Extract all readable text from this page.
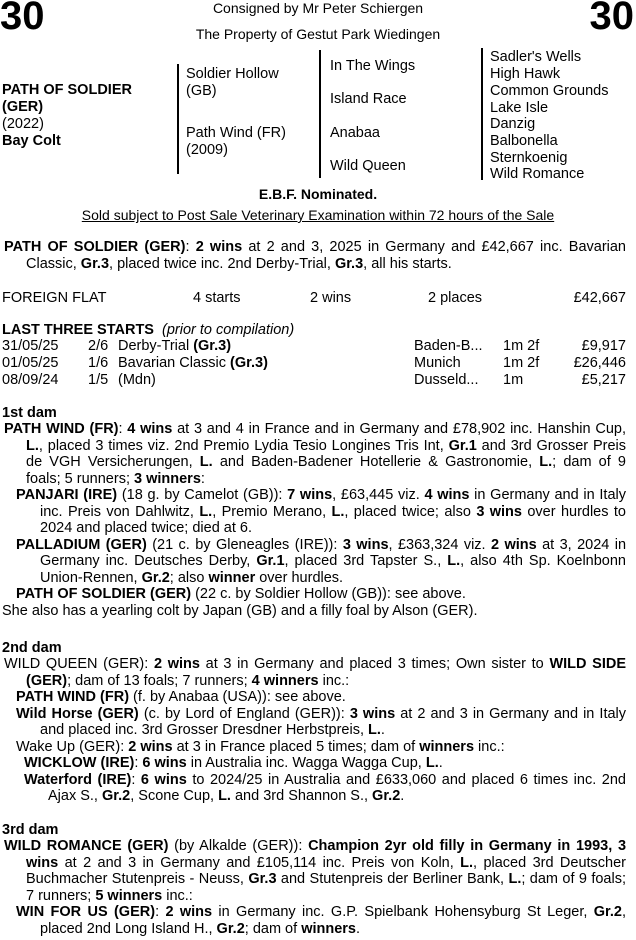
30	30
Consigned by Mr Peter Schiergen
The Property of Gestut Park Wiedingen
PATH OF SOLDIER
(GER)
(2022)
Bay Colt
Soldier Hollow
(GB)
Path Wind (FR)
(2009)
In The Wings
Island Race
Anabaa
Wild Queen
Sadler's Wells
High Hawk
Common Grounds
Lake Isle
Danzig
Balbonella
Sternkoenig
Wild Romance
E.B.F. Nominated.
Sold subject to Post Sale Veterinary Examination within 72 hours of the Sale
PATH OF SOLDIER (GER): 2 wins at 2 and 3, 2025 in Germany and £42,667 inc. Bavarian Classic, Gr.3, placed twice inc. 2nd Derby-Trial, Gr.3, all his starts.
FOREIGN FLAT	4 starts	2 wins	2 places	£42,667
LAST THREE STARTS (prior to compilation)
31/05/25 2/6 Derby-Trial (Gr.3)	Baden-B... 1m 2f	£9,917
01/05/25 1/6 Bavarian Classic (Gr.3)	Munich	1m 2f £26,446
08/09/24 1/5 (Mdn)	Dusseld... 1m	£5,217
1st dam
PATH WIND (FR): 4 wins at 3 and 4 in France and in Germany and £78,902 inc. Hanshin Cup, L., placed 3 times viz. 2nd Premio Lydia Tesio Longines Tris Int, Gr.1 and 3rd Grosser Preis de VGH Versicherungen, L. and Baden-Badener Hotellerie & Gastronomie, L.; dam of 9 foals; 5 runners; 3 winners:
PANJARI (IRE) (18 g. by Camelot (GB)): 7 wins, £63,445 viz. 4 wins in Germany and in Italy inc. Preis von Dahlwitz, L., Premio Merano, L., placed twice; also 3 wins over hurdles to 2024 and placed twice; died at 6.
PALLADIUM (GER) (21 c. by Gleneagles (IRE)): 3 wins, £363,324 viz. 2 wins at 3, 2024 in Germany inc. Deutsches Derby, Gr.1, placed 3rd Tapster S., L., also 4th Sp. Koelnbonn Union-Rennen, Gr.2; also winner over hurdles.
PATH OF SOLDIER (GER) (22 c. by Soldier Hollow (GB)): see above.
She also has a yearling colt by Japan (GB) and a filly foal by Alson (GER).
2nd dam
WILD QUEEN (GER): 2 wins at 3 in Germany and placed 3 times; Own sister to WILD SIDE (GER); dam of 13 foals; 7 runners; 4 winners inc.:
PATH WIND (FR) (f. by Anabaa (USA)): see above.
Wild Horse (GER) (c. by Lord of England (GER)): 3 wins at 2 and 3 in Germany and in Italy and placed inc. 3rd Grosser Dresdner Herbstpreis, L..
Wake Up (GER): 2 wins at 3 in France placed 5 times; dam of winners inc.:
WICKLOW (IRE): 6 wins in Australia inc. Wagga Wagga Cup, L..
Waterford (IRE): 6 wins to 2024/25 in Australia and £633,060 and placed 6 times inc. 2nd Ajax S., Gr.2, Scone Cup, L. and 3rd Shannon S., Gr.2.
3rd dam
WILD ROMANCE (GER) (by Alkalde (GER)): Champion 2yr old filly in Germany in 1993, 3 wins at 2 and 3 in Germany and £105,114 inc. Preis von Koln, L., placed 3rd Deutscher Buchmacher Stutenpreis - Neuss, Gr.3 and Stutenpreis der Berliner Bank, L.; dam of 9 foals; 7 runners; 5 winners inc.:
WIN FOR US (GER): 2 wins in Germany inc. G.P. Spielbank Hohensyburg St Leger, Gr.2, placed 2nd Long Island H., Gr.2; dam of winners.
